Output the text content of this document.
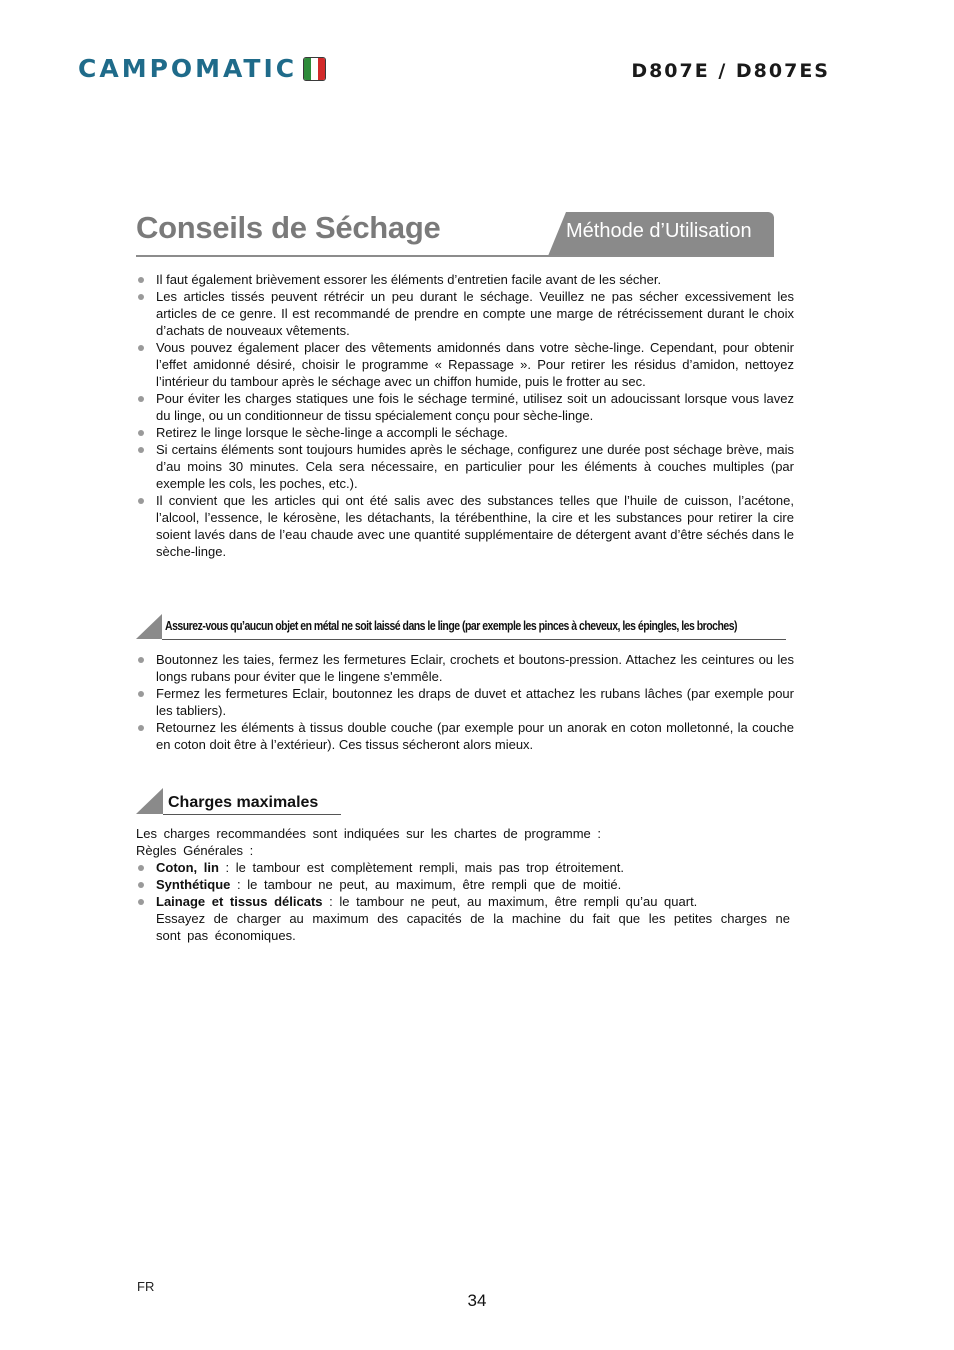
CAMPOMATIC	D807E / D807ES
Conseils de Séchage	Méthode d’Utilisation
Il faut également brièvement essorer les éléments d’entretien facile avant de les sécher.
Les articles tissés peuvent rétrécir un peu durant le séchage. Veuillez ne pas sécher excessivement les articles de ce genre. Il est recommandé de prendre en compte une marge de rétrécissement durant le choix d’achats de nouveaux vêtements.
Vous pouvez également placer des vêtements amidonnés dans votre sèche-linge. Cependant, pour obtenir l’effet amidonné désiré, choisir le programme « Repassage ». Pour retirer les résidus d’amidon, nettoyez l’intérieur du tambour après le séchage avec un chiffon humide, puis le frotter au sec.
Pour éviter les charges statiques une fois le séchage terminé, utilisez soit un adoucissant lorsque vous lavez du linge, ou un conditionneur de tissu spécialement conçu pour sèche-linge.
Retirez le linge lorsque le sèche-linge a accompli le séchage.
Si certains éléments sont toujours humides après le séchage, configurez une durée post séchage brève, mais d’au moins 30 minutes. Cela sera nécessaire, en particulier pour les éléments à couches multiples (par exemple les cols, les poches, etc.).
Il convient que les articles qui ont été salis avec des substances telles que l’huile de cuisson, l’acétone, l’alcool, l’essence, le kérosène, les détachants, la térébenthine, la cire et les substances pour retirer la cire soient lavés dans de l’eau chaude avec une quantité supplémentaire de détergent avant d’être séchés dans le sèche-linge.
Assurez-vous qu’aucun objet en métal ne soit laissé dans le linge (par exemple les pinces à cheveux, les épingles, les broches)
Boutonnez les taies, fermez les fermetures Eclair, crochets et boutons-pression. Attachez les ceintures ou les longs rubans pour éviter que le lingene s'emmêle.
Fermez les fermetures Eclair, boutonnez les draps de duvet et attachez les rubans lâches (par exemple pour les tabliers).
Retournez les éléments à tissus double couche (par exemple pour un anorak en coton molletonné, la couche en coton doit être à l’extérieur). Ces tissus sécheront alors mieux.
Charges maximales

Les charges recommandées sont indiquées sur les chartes de programme :

Règles Générales :

Coton, lin : le tambour est complètement rempli, mais pas trop étroitement.
Synthétique : le tambour ne peut, au maximum, être rempli que de moitié.
Lainage et tissus délicats : le tambour ne peut, au maximum, être rempli qu’au quart.
Essayez de charger au maximum des capacités de la machine du fait que les petites charges ne sont pas économiques.
FR
34
